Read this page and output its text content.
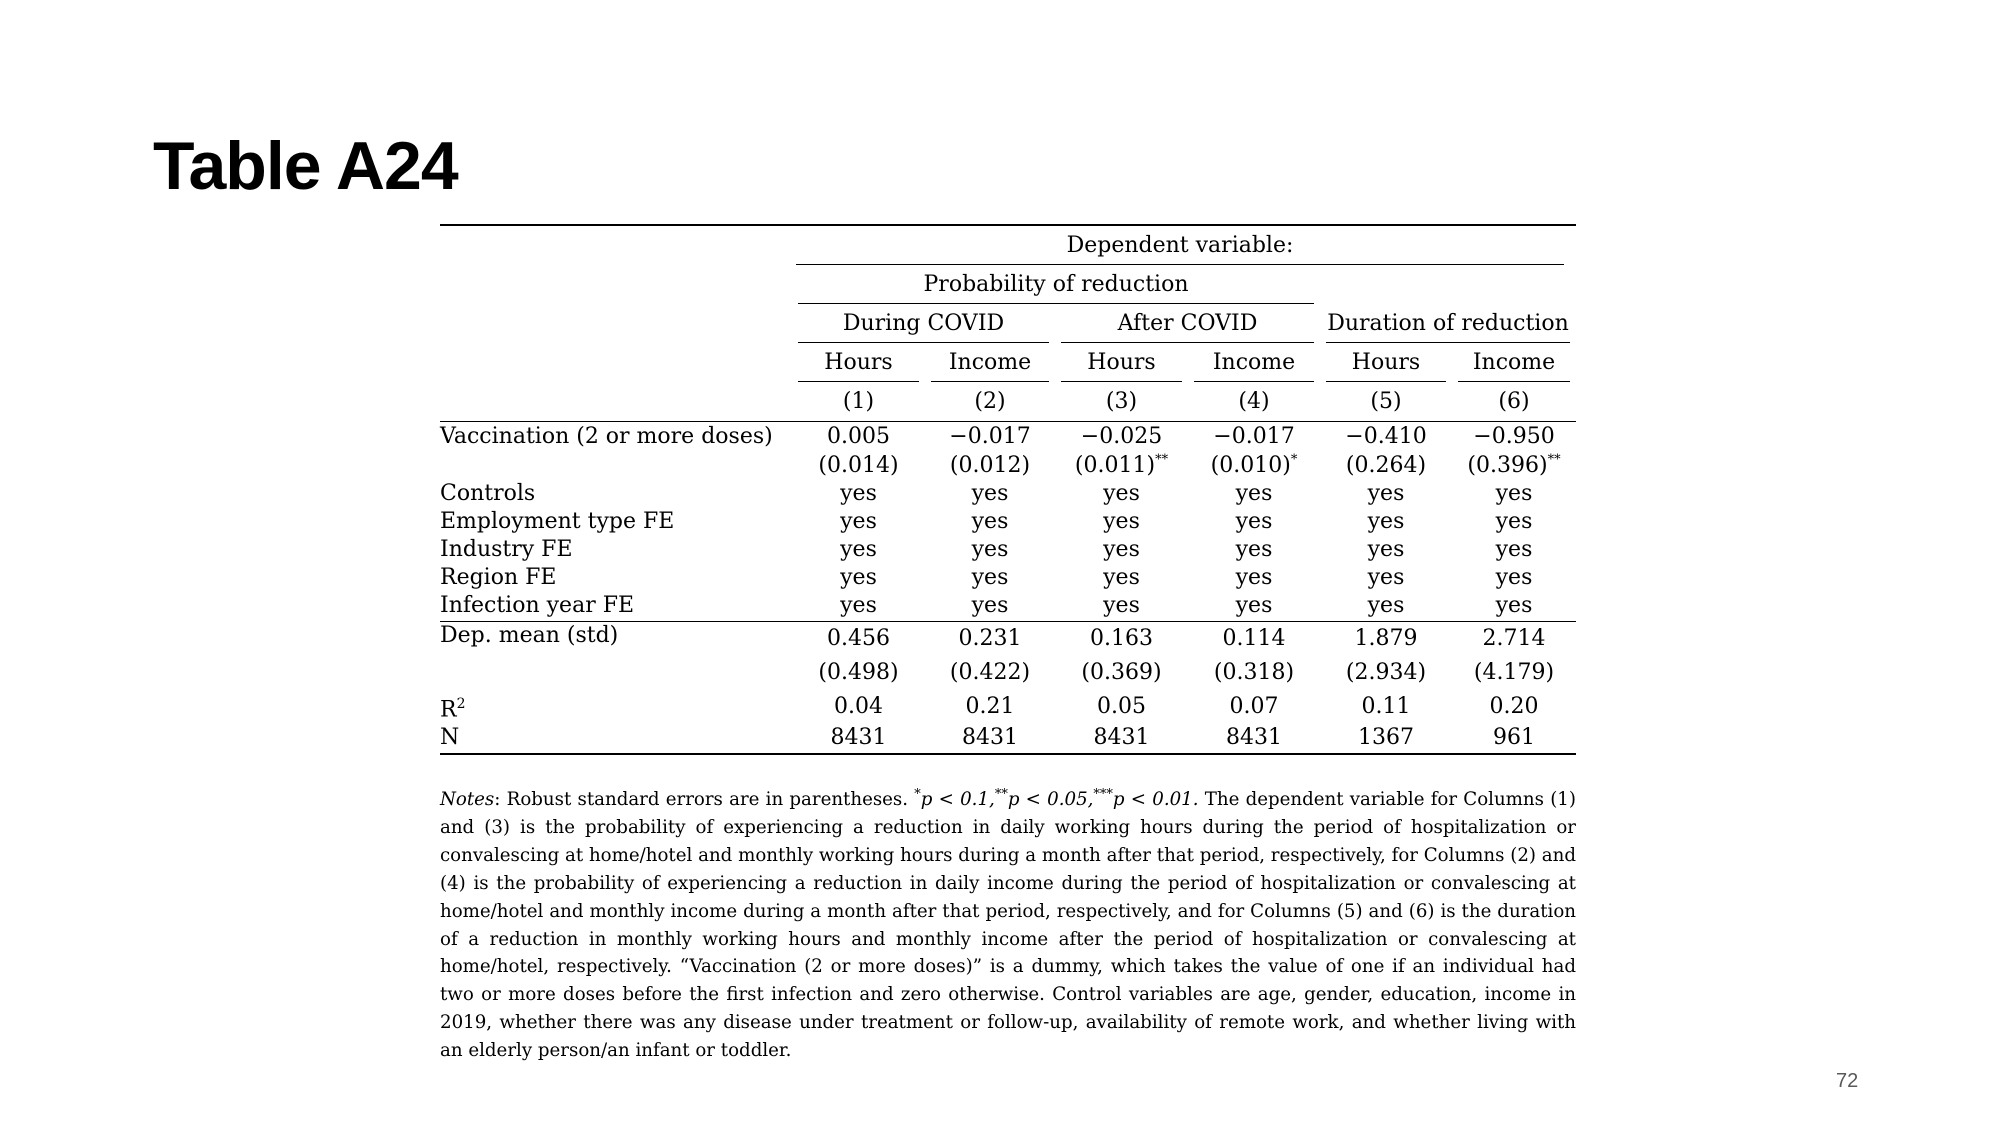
Table A24

	Dependent variable:					

	Probability of reduction					

	During COVID		After COVID		Duration of reduction	

	Hours	Income	Hours	Income	Hours	Income

	(1)	(2)	(3)	(4)	(5)	(6)
Vaccination (2 or more doses)	0.005	−0.017	−0.025	−0.017	−0.410	−0.950
	(0.014)	(0.012)	(0.011)**	(0.010)*	(0.264)	(0.396)**
Controls	yes	yes	yes	yes	yes	yes
Employment type FE	yes	yes	yes	yes	yes	yes
Industry FE	yes	yes	yes	yes	yes	yes
Region FE	yes	yes	yes	yes	yes	yes
Infection year FE	yes	yes	yes	yes	yes	yes
Dep. mean (std)	0.456	0.231	0.163	0.114	1.879	2.714
	(0.498)	(0.422)	(0.369)	(0.318)	(2.934)	(4.179)
$R^2$	0.04	0.21	0.05	0.07	0.11	0.20
N	8431	8431	8431	8431	1367	961

Notes: Robust standard errors are in parentheses. *p < 0.1,**p < 0.05,***p < 0.01. The dependent variable for Columns (1) and (3) is the probability of experiencing a reduction in daily working hours during the period of hospitalization or convalescing at home/hotel and monthly working hours during a month after that period, respectively, for Columns (2) and (4) is the probability of experiencing a reduction in daily income during the period of hospitalization or convalescing at home/hotel and monthly income during a month after that period, respectively, and for Columns (5) and (6) is the duration of a reduction in monthly working hours and monthly income after the period of hospitalization or convalescing at home/hotel, respectively. “Vaccination (2 or more doses)” is a dummy, which takes the value of one if an individual had two or more doses before the first infection and zero otherwise. Control variables are age, gender, education, income in 2019, whether there was any disease under treatment or follow-up, availability of remote work, and whether living with an elderly person/an infant or toddler.

72
